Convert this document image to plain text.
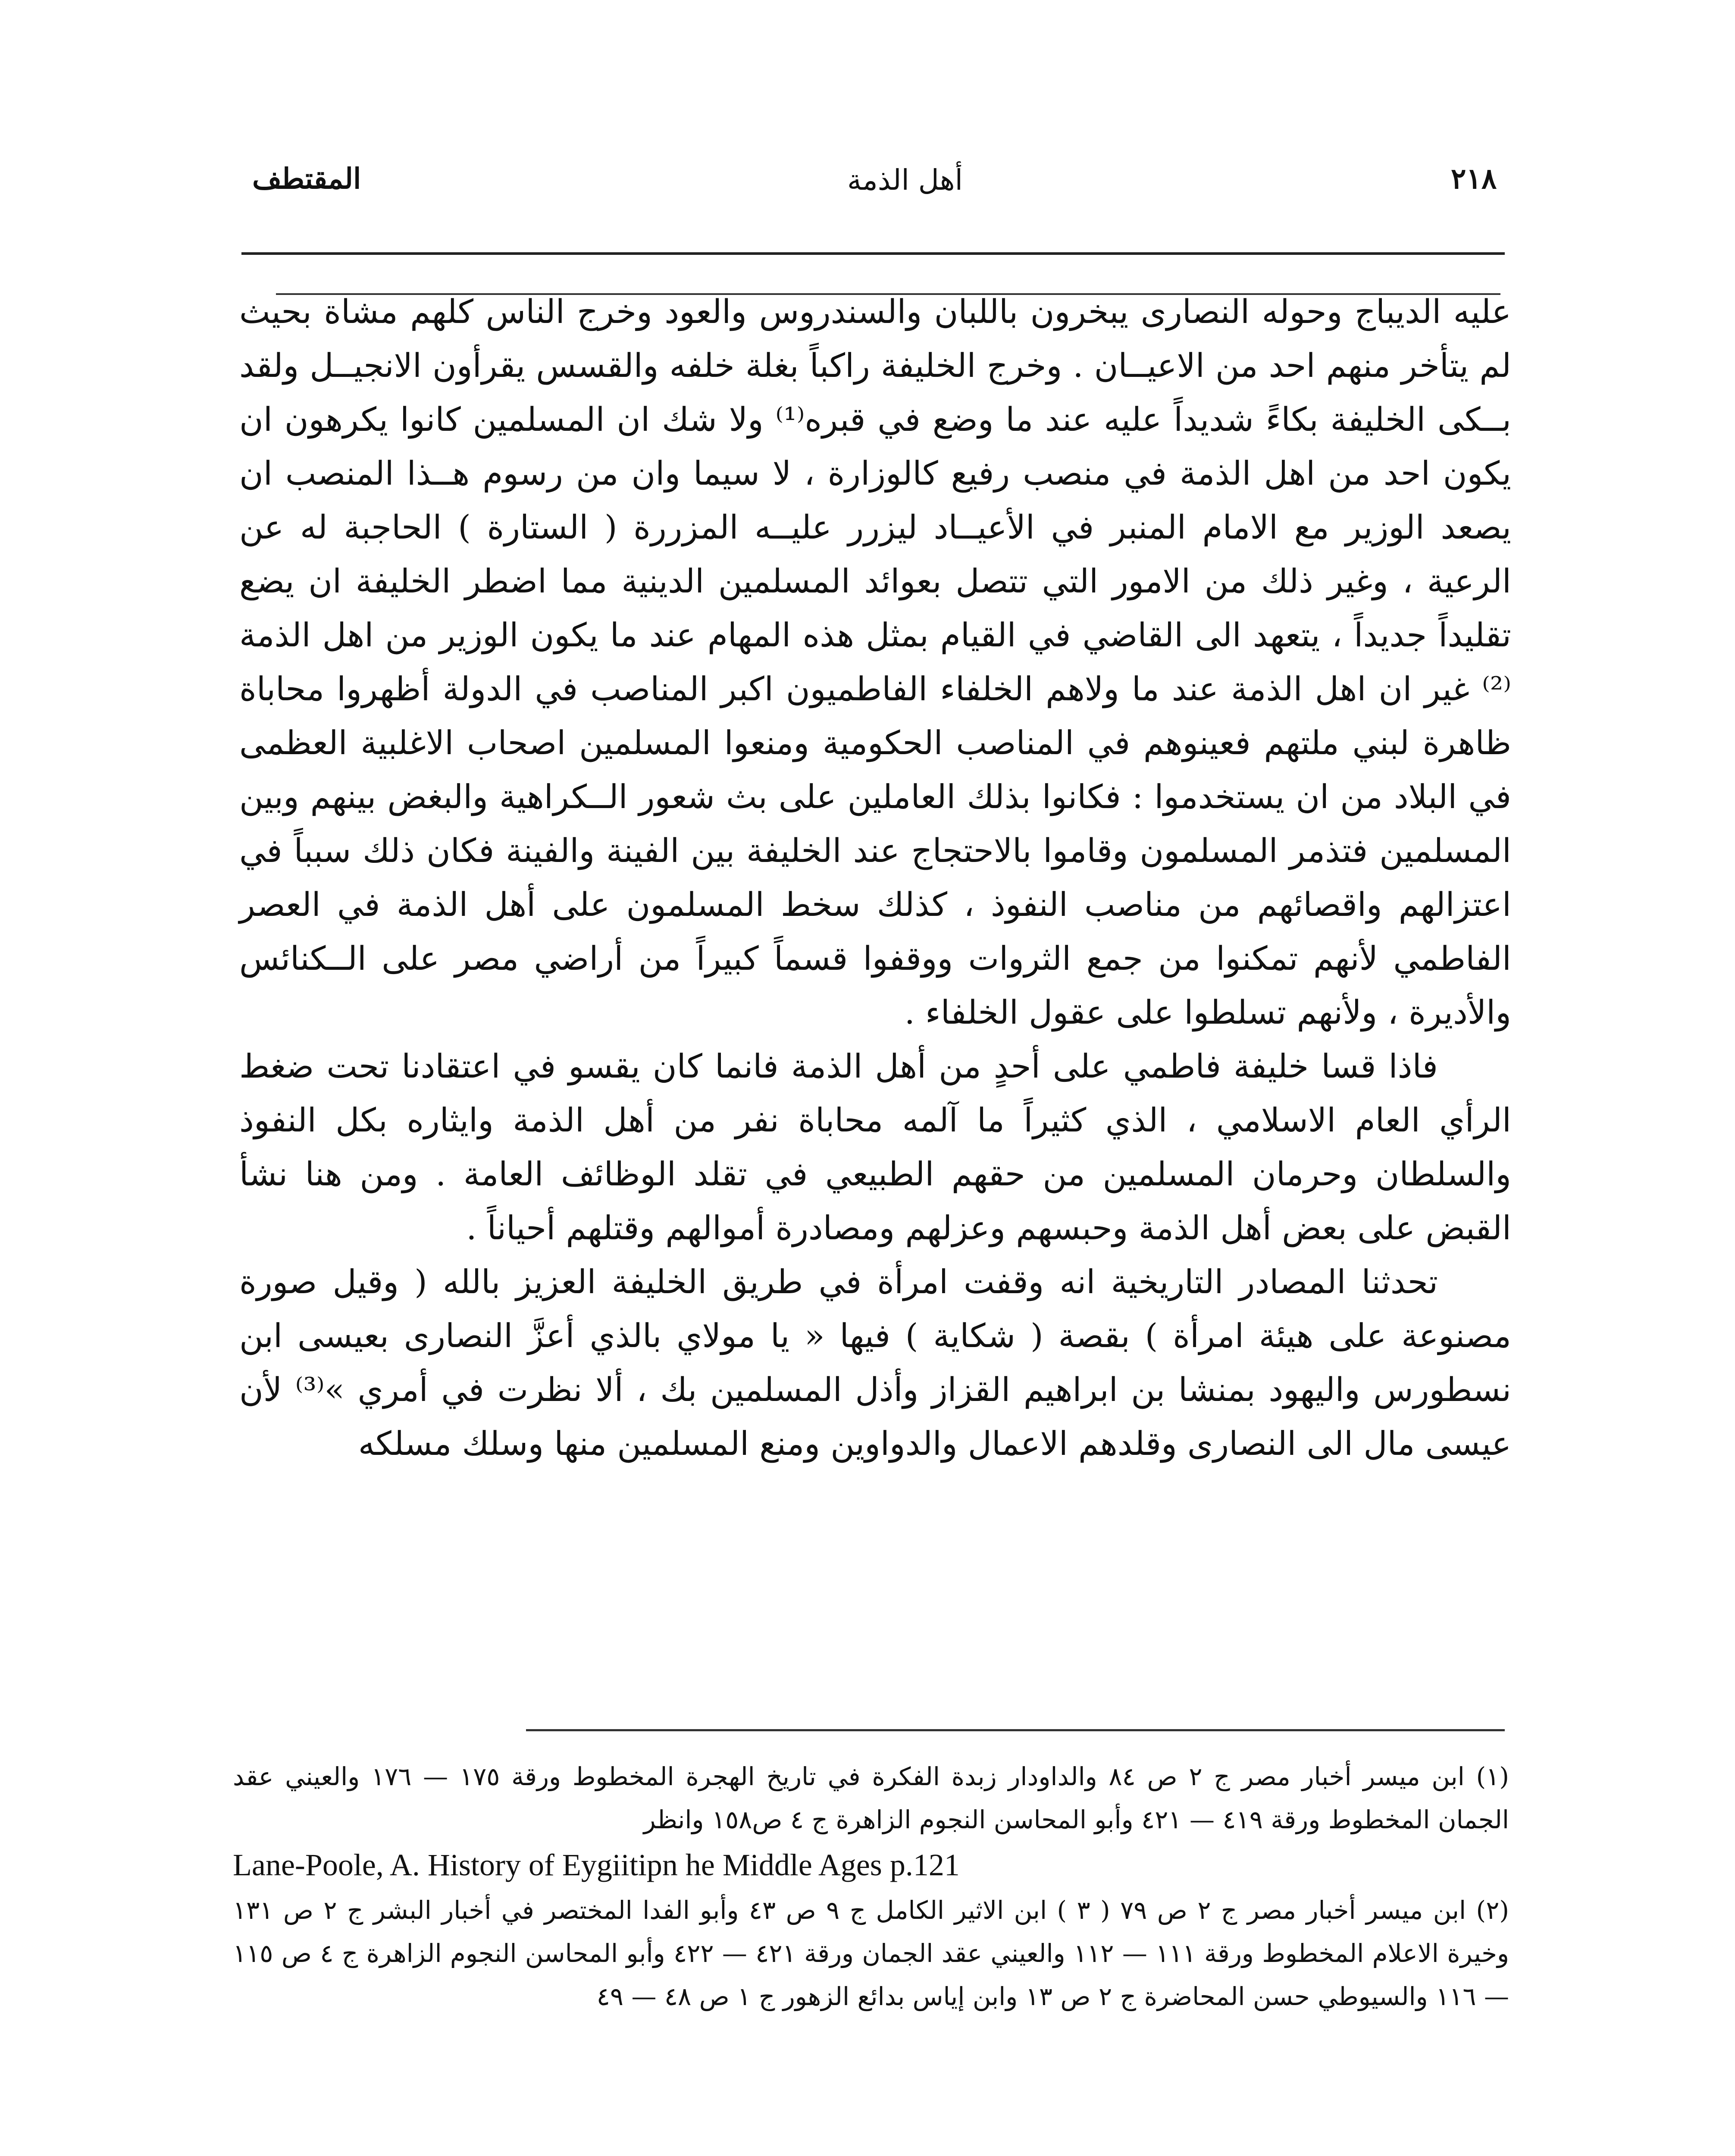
٢١٨
أهل الذمة
المقتطف

عليه الديباج وحوله النصارى يبخرون باللبان والسندروس والعود وخرج الناس كلهم مشاة بحيث لم يتأخر منهم احد من الاعيــان . وخرج الخليفة راكباً بغلة خلفه والقسس يقرأون الانجيــل ولقد بــكى الخليفة بكاءً شديداً عليه عند ما وضع في قبره⁽¹⁾ ولا شك ان المسلمين كانوا يكرهون ان يكون احد من اهل الذمة في منصب رفيع كالوزارة ، لا سيما وان من رسوم هــذا المنصب ان يصعد الوزير مع الامام المنبر في الأعيــاد ليزرر عليــه المزررة ( الستارة ) الحاجبة له عن الرعية ، وغير ذلك من الامور التي تتصل بعوائد المسلمين الدينية مما اضطر الخليفة ان يضع تقليداً جديداً ، يتعهد الى القاضي في القيام بمثل هذه المهام عند ما يكون الوزير من اهل الذمة ⁽²⁾ غير ان اهل الذمة عند ما ولاهم الخلفاء الفاطميون اكبر المناصب في الدولة أظهروا محاباة ظاهرة لبني ملتهم فعينوهم في المناصب الحكومية ومنعوا المسلمين اصحاب الاغلبية العظمى في البلاد من ان يستخدموا : فكانوا بذلك العاملين على بث شعور الــكراهية والبغض بينهم وبين المسلمين فتذمر المسلمون وقاموا بالاحتجاج عند الخليفة بين الفينة والفينة فكان ذلك سبباً في اعتزالهم واقصائهم من مناصب النفوذ ، كذلك سخط المسلمون على أهل الذمة في العصر الفاطمي لأنهم تمكنوا من جمع الثروات ووقفوا قسماً كبيراً من أراضي مصر على الــكنائس والأديرة ، ولأنهم تسلطوا على عقول الخلفاء .

فاذا قسا خليفة فاطمي على أحدٍ من أهل الذمة فانما كان يقسو في اعتقادنا تحت ضغط الرأي العام الاسلامي ، الذي كثيراً ما آلمه محاباة نفر من أهل الذمة وايثاره بكل النفوذ والسلطان وحرمان المسلمين من حقهم الطبيعي في تقلد الوظائف العامة . ومن هنا نشأ القبض على بعض أهل الذمة وحبسهم وعزلهم ومصادرة أموالهم وقتلهم أحياناً .

تحدثنا المصادر التاريخية انه وقفت امرأة في طريق الخليفة العزيز بالله ( وقيل صورة مصنوعة على هيئة امرأة ) بقصة ( شكاية ) فيها « يا مولاي بالذي أعزَّ النصارى بعيسى ابن نسطورس واليهود بمنشا بن ابراهيم القزاز وأذل المسلمين بك ، ألا نظرت في أمري »⁽³⁾ لأن عيسى مال الى النصارى وقلدهم الاعمال والدواوين ومنع المسلمين منها وسلك مسلكه

(١) ابن ميسر أخبار مصر ج ٢ ص ٨٤ والداودار زبدة الفكرة في تاريخ الهجرة المخطوط ورقة ١٧٥ — ١٧٦ والعيني عقد الجمان المخطوط ورقة ٤١٩ — ٤٢١ وأبو المحاسن النجوم الزاهرة ج ٤ ص١٥٨ وانظر

Lane-Poole, A. History of Eygiitipn he Middle Ages p.121

(٢) ابن ميسر أخبار مصر ج ٢ ص ٧٩ ( ٣ ) ابن الاثير الكامل ج ٩ ص ٤٣ وأبو الفدا المختصر في أخبار البشر ج ٢ ص ١٣١ وخيرة الاعلام المخطوط ورقة ١١١ — ١١٢ والعيني عقد الجمان ورقة ٤٢١ — ٤٢٢ وأبو المحاسن النجوم الزاهرة ج ٤ ص ١١٥ — ١١٦ والسيوطي حسن المحاضرة ج ٢ ص ١٣ وابن إياس بدائع الزهور ج ١ ص ٤٨ — ٤٩
